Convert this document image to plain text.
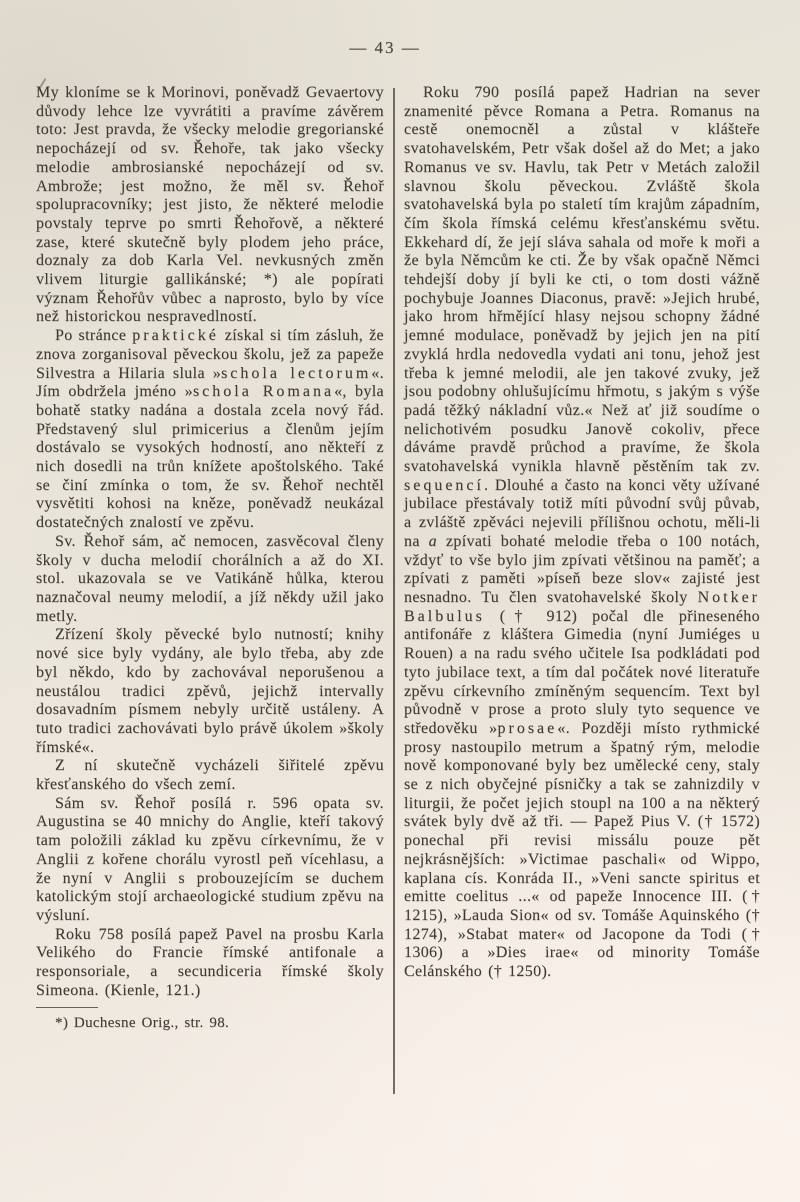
— 43 —

My kloníme se k Morinovi, poněvadž Gevaertovy důvody lehce lze vyvrátiti a pravíme závěrem toto: Jest pravda, že všecky melodie gregorianské nepocházejí od sv. Řehoře, tak jako všecky melodie ambrosianské nepocházejí od sv. Ambrože; jest možno, že měl sv. Řehoř spolupracovníky; jest jisto, že některé melodie povstaly teprve po smrti Řehořově, a některé zase, které skutečně byly plodem jeho práce, doznaly za dob Karla Vel. nevkusných změn vlivem liturgie gallikánské; *) ale popírati význam Řehořův vůbec a naprosto, bylo by více než historickou nespravedlností.

Po stránce praktické získal si tím zásluh, že znova zorganisoval pěveckou školu, jež za papeže Silvestra a Hilaria slula »schola lectorum«. Jím obdržela jméno »schola Romana«, byla bohatě statky nadána a dostala zcela nový řád. Představený slul primicerius a členům jejím dostávalo se vysokých hodností, ano někteří z nich dosedli na trůn knížete apoštolského. Také se činí zmínka o tom, že sv. Řehoř nechtěl vysvětiti kohosi na kněze, poněvadž neukázal dostatečných znalostí ve zpěvu.

Sv. Řehoř sám, ač nemocen, zasvěcoval členy školy v ducha melodií chorálních a až do XI. stol. ukazovala se ve Vatikáně hůlka, kterou naznačoval neumy melodií, a jíž někdy užil jako metly.

Zřízení školy pěvecké bylo nutností; knihy nové sice byly vydány, ale bylo třeba, aby zde byl někdo, kdo by zachovával neporušenou a neustálou tradici zpěvů, jejichž intervally dosavadním písmem nebyly určitě ustáleny. A tuto tradici zachovávati bylo právě úkolem »školy římské«.

Z ní skutečně vycházeli šiřitelé zpěvu křesťanského do všech zemí.

Sám sv. Řehoř posílá r. 596 opata sv. Augustina se 40 mnichy do Anglie, kteří takový tam položili základ ku zpěvu církevnímu, že v Anglii z kořene chorálu vyrostl peň vícehlasu, a že nyní v Anglii s probouzejícím se duchem katolickým stojí archaeologické studium zpěvu na výsluní.

Roku 758 posílá papež Pavel na prosbu Karla Velikého do Francie římské antifonale a responsoriale, a secundiceria římské školy Simeona. (Kienle, 121.)

*) Duchesne Orig., str. 98.

Roku 790 posílá papež Hadrian na sever znamenité pěvce Romana a Petra. Romanus na cestě onemocněl a zůstal v klášteře svatohavelském, Petr však došel až do Met; a jako Romanus ve sv. Havlu, tak Petr v Metách založil slavnou školu pěveckou. Zvláště škola svatohavelská byla po staletí tím krajům západním, čím škola římská celému křesťanskému světu. Ekkehard dí, že její sláva sahala od moře k moři a že byla Němcům ke cti. Že by však opačně Němci tehdejší doby jí byli ke cti, o tom dosti vážně pochybuje Joannes Diaconus, pravě: »Jejich hrubé, jako hrom hřmějící hlasy nejsou schopny žádné jemné modulace, poněvadž by jejich jen na pití zvyklá hrdla nedovedla vydati ani tonu, jehož jest třeba k jemné melodii, ale jen takové zvuky, jež jsou podobny ohlušujícímu hřmotu, s jakým s výše padá těžký nákladní vůz.« Než ať již soudíme o nelichotivém posudku Janově cokoliv, přece dáváme pravdě průchod a pravíme, že škola svatohavelská vynikla hlavně pěstěním tak zv. sequencí. Dlouhé a často na konci věty užívané jubilace přestávaly totiž míti původní svůj půvab, a zvláště zpěváci nejevili přílišnou ochotu, měli-li na a zpívati bohaté melodie třeba o 100 notách, vždyť to vše bylo jim zpívati většinou na paměť; a zpívati z paměti »píseň beze slov« zajisté jest nesnadno. Tu člen svatohavelské školy Notker Balbulus († 912) počal dle přineseného antifonáře z kláštera Gimedia (nyní Jumiéges u Rouen) a na radu svého učitele Isa podkládati pod tyto jubilace text, a tím dal počátek nové literatuře zpěvu církevního zmíněným sequencím. Text byl původně v prose a proto sluly tyto sequence ve středověku »prosae«. Později místo rythmické prosy nastoupilo metrum a špatný rým, melodie nově komponované byly bez umělecké ceny, staly se z nich obyčejné písničky a tak se zahnizdily v liturgii, že počet jejich stoupl na 100 a na některý svátek byly dvě až tři. — Papež Pius V. († 1572) ponechal při revisi missálu pouze pět nejkrásnějších: »Victimae paschali« od Wippo, kaplana cís. Konráda II., »Veni sancte spiritus et emitte coelitus ...« od papeže Innocence III. († 1215), »Lauda Sion« od sv. Tomáše Aquinského († 1274), »Stabat mater« od Jacopone da Todi († 1306) a »Dies irae« od minority Tomáše Celánského († 1250).
